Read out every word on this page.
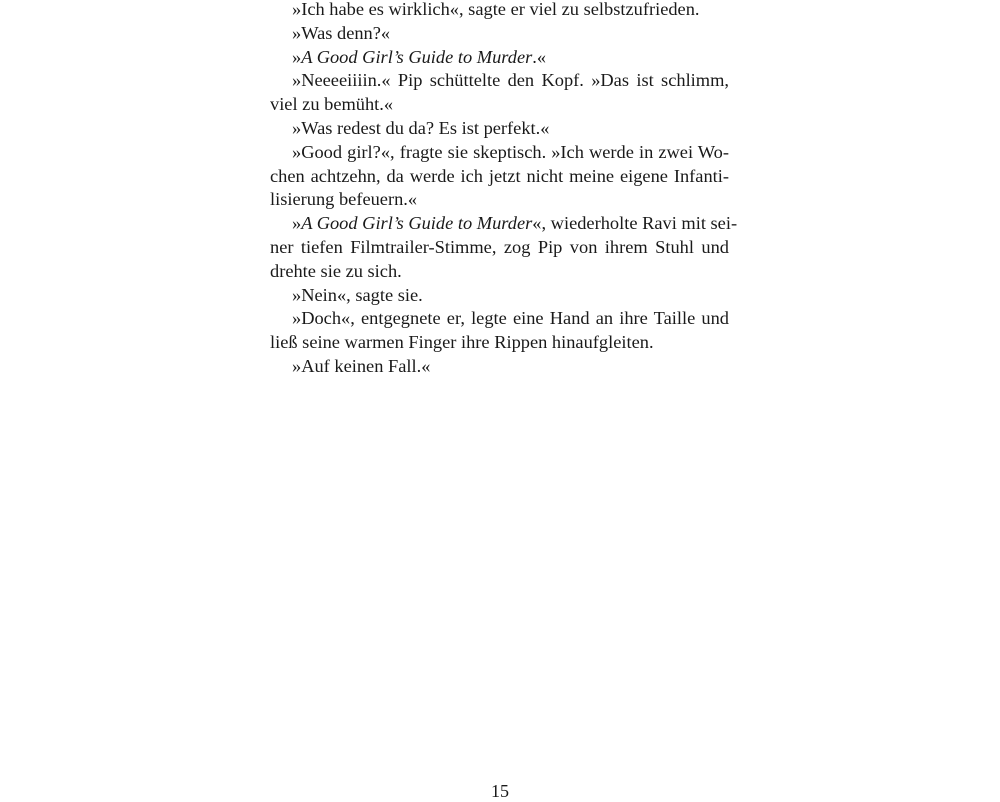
»Ich habe es wirklich«, sagte er viel zu selbstzufrieden.
»Was denn?«
»A Good Girl’s Guide to Murder.«
»Neeeeiiiin.« Pip schüttelte den Kopf. »Das ist schlimm,
viel zu bemüht.«
»Was redest du da? Es ist perfekt.«
»Good girl?«, fragte sie skeptisch. »Ich werde in zwei Wo-
chen achtzehn, da werde ich jetzt nicht meine eigene Infanti-
lisierung befeuern.«
»A Good Girl’s Guide to Murder«, wiederholte Ravi mit sei-
ner tiefen Filmtrailer-Stimme, zog Pip von ihrem Stuhl und
drehte sie zu sich.
»Nein«, sagte sie.
»Doch«, entgegnete er, legte eine Hand an ihre Taille und
ließ seine warmen Finger ihre Rippen hinaufgleiten.
»Auf keinen Fall.«
15
